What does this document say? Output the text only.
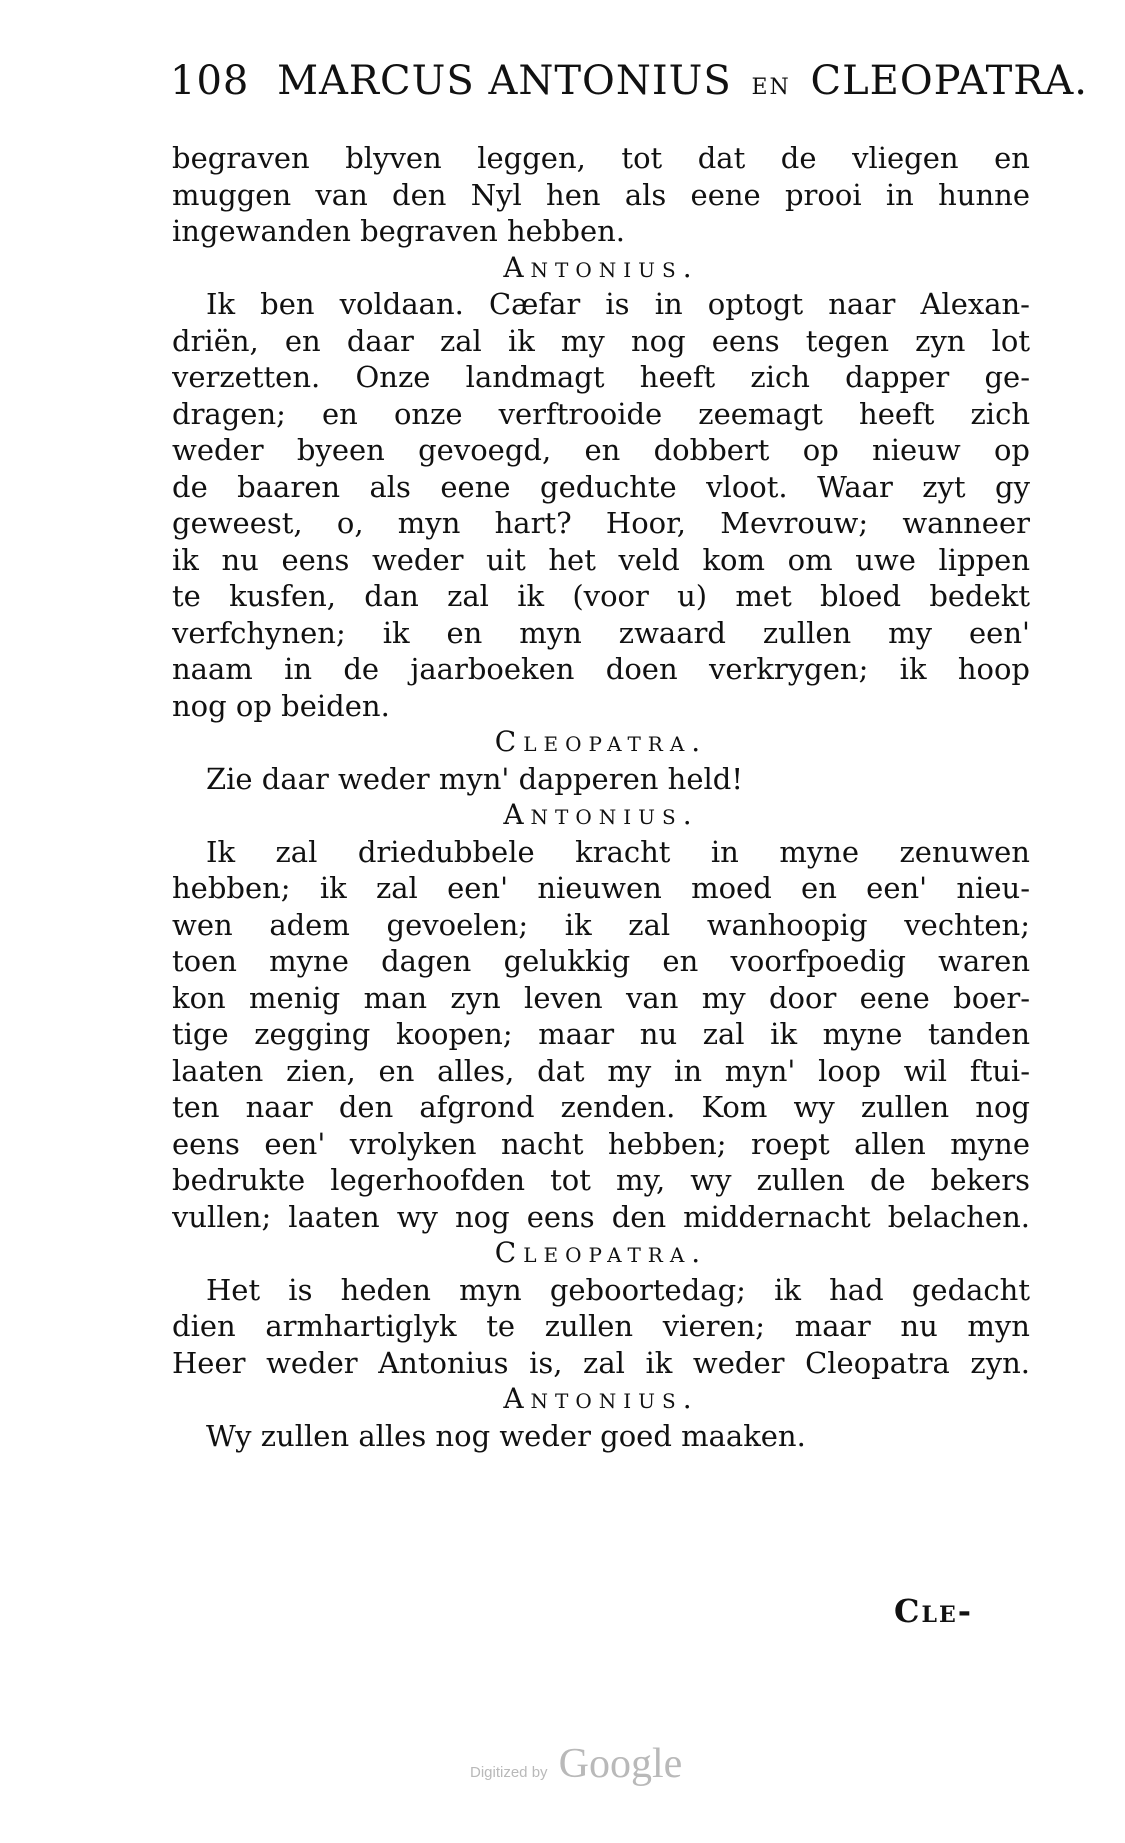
108 MARCUS ANTONIUS EN CLEOPATRA.
begraven blyven leggen, tot dat de vliegen en
muggen van den Nyl hen als eene prooi in hunne
ingewanden begraven hebben.
Antonius.
Ik ben voldaan. Cæfar is in optogt naar Alexan-
driën, en daar zal ik my nog eens tegen zyn lot
verzetten. Onze landmagt heeft zich dapper ge-
dragen; en onze verftrooide zeemagt heeft zich
weder byeen gevoegd, en dobbert op nieuw op
de baaren als eene geduchte vloot. Waar zyt gy
geweest, o, myn hart? Hoor, Mevrouw; wanneer
ik nu eens weder uit het veld kom om uwe lippen
te kusfen, dan zal ik (voor u) met bloed bedekt
verfchynen; ik en myn zwaard zullen my een'
naam in de jaarboeken doen verkrygen; ik hoop
nog op beiden.
Cleopatra.
Zie daar weder myn' dapperen held!
Antonius.
Ik zal driedubbele kracht in myne zenuwen
hebben; ik zal een' nieuwen moed en een' nieu-
wen adem gevoelen; ik zal wanhoopig vechten;
toen myne dagen gelukkig en voorfpoedig waren
kon menig man zyn leven van my door eene boer-
tige zegging koopen; maar nu zal ik myne tanden
laaten zien, en alles, dat my in myn' loop wil ftui-
ten naar den afgrond zenden. Kom wy zullen nog
eens een' vrolyken nacht hebben; roept allen myne
bedrukte legerhoofden tot my, wy zullen de bekers
vullen; laaten wy nog eens den middernacht belachen.
Cleopatra.
Het is heden myn geboortedag; ik had gedacht
dien armhartiglyk te zullen vieren; maar nu myn
Heer weder Antonius is, zal ik weder Cleopatra zyn.
Antonius.
Wy zullen alles nog weder goed maaken.
Cle-
Digitized by Google
